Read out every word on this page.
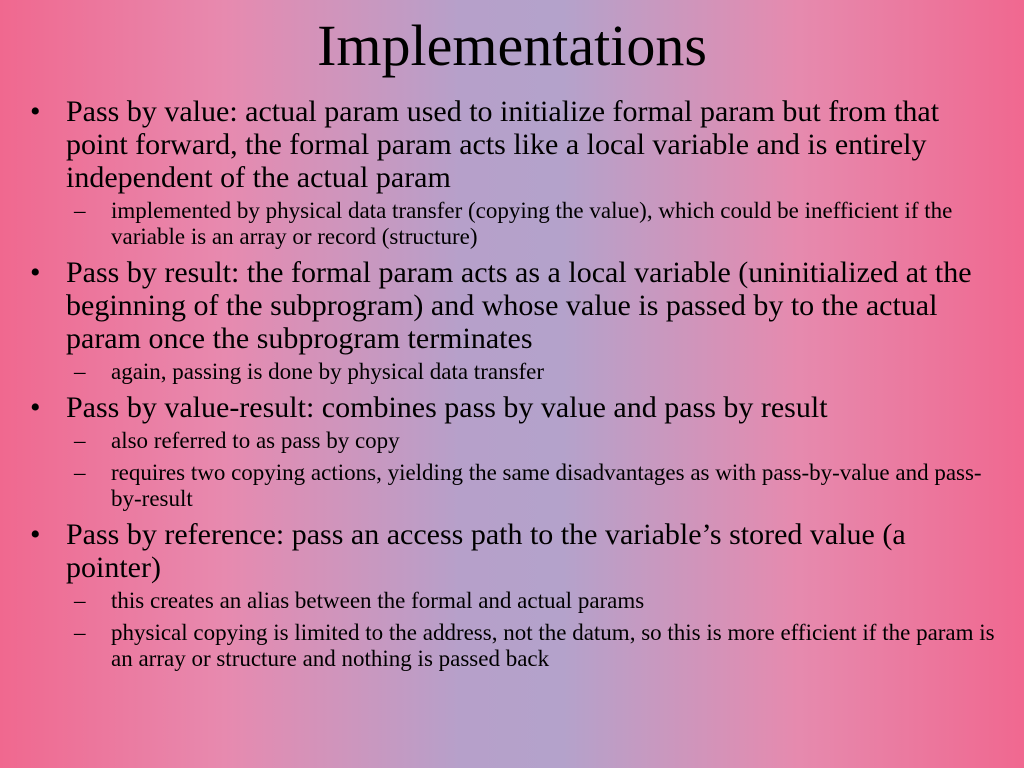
Implementations
• Pass by value: actual param used to initialize formal param but from that point forward, the formal param acts like a local variable and is entirely independent of the actual param
– implemented by physical data transfer (copying the value), which could be inefficient if the variable is an array or record (structure)
• Pass by result: the formal param acts as a local variable (uninitialized at the beginning of the subprogram) and whose value is passed by to the actual param once the subprogram terminates
– again, passing is done by physical data transfer
• Pass by value-result: combines pass by value and pass by result
– also referred to as pass by copy
– requires two copying actions, yielding the same disadvantages as with pass-by-value and pass-by-result
• Pass by reference: pass an access path to the variable’s stored value (a pointer)
– this creates an alias between the formal and actual params
– physical copying is limited to the address, not the datum, so this is more efficient if the param is an array or structure and nothing is passed back
